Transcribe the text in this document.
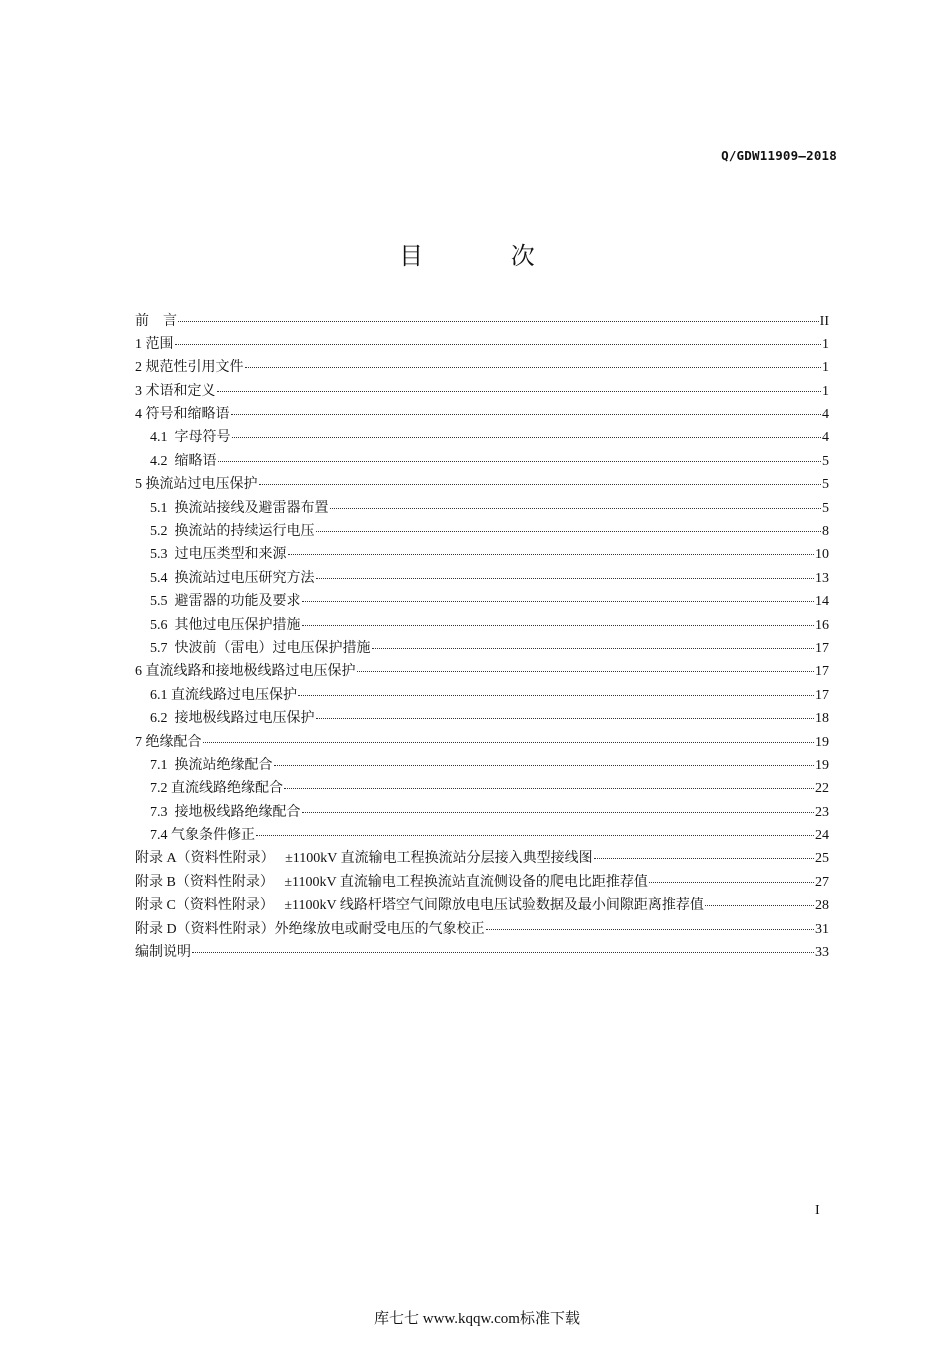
Q/GDW11909—2018
目 次
前    言	II
1 范围	1
2 规范性引用文件	1
3 术语和定义	1
4 符号和缩略语	4
4.1  字母符号	4
4.2  缩略语	5
5 换流站过电压保护	5
5.1  换流站接线及避雷器布置	5
5.2  换流站的持续运行电压	8
5.3  过电压类型和来源	10
5.4  换流站过电压研究方法	13
5.5  避雷器的功能及要求	14
5.6  其他过电压保护措施	16
5.7  快波前（雷电）过电压保护措施	17
6 直流线路和接地极线路过电压保护	17
6.1 直流线路过电压保护	17
6.2  接地极线路过电压保护	18
7 绝缘配合	19
7.1  换流站绝缘配合	19
7.2 直流线路绝缘配合	22
7.3  接地极线路绝缘配合	23
7.4 气象条件修正	24
附录 A（资料性附录）   ±1100kV 直流输电工程换流站分层接入典型接线图	25
附录 B（资料性附录）   ±1100kV 直流输电工程换流站直流侧设备的爬电比距推荐值	27
附录 C（资料性附录）   ±1100kV 线路杆塔空气间隙放电电压试验数据及最小间隙距离推荐值	28
附录 D（资料性附录）外绝缘放电或耐受电压的气象校正	31
编制说明	33
I
库七七 www.kqqw.com标准下载
